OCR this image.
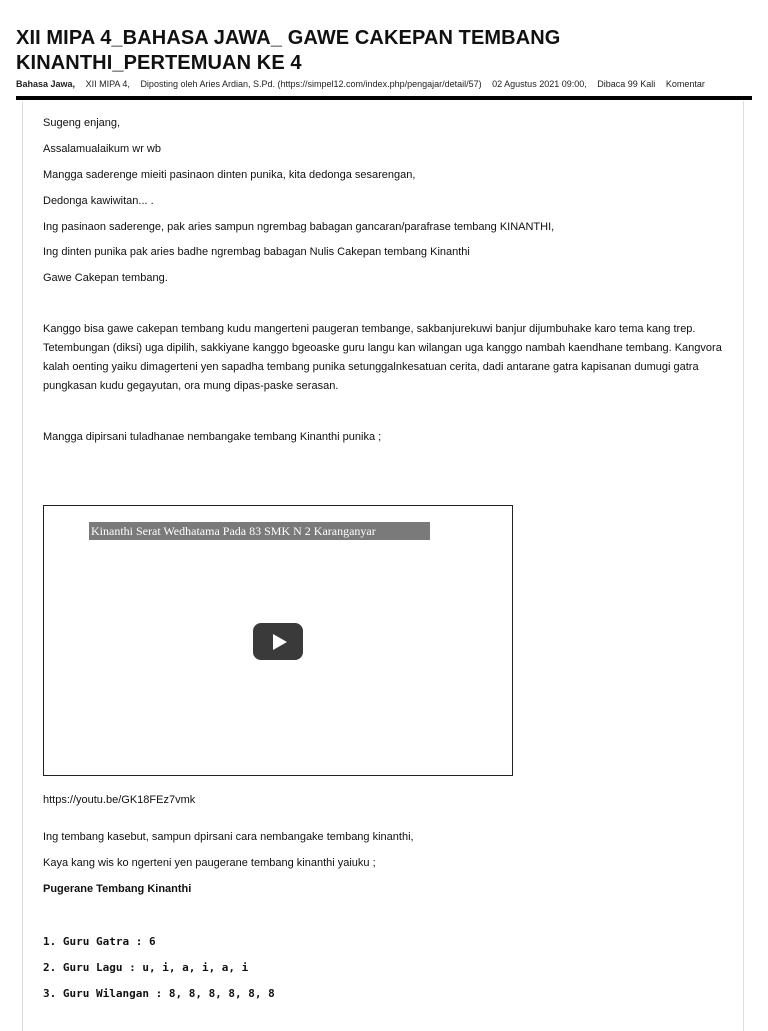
XII MIPA 4_BAHASA JAWA_ GAWE CAKEPAN TEMBANG KINANTHI_PERTEMUAN KE 4
Bahasa Jawa, XII MIPA 4, Diposting oleh Aries Ardian, S.Pd. (https://simpel12.com/index.php/pengajar/detail/57) 02 Agustus 2021 09:00, Dibaca 99 Kali Komentar

Sugeng enjang,

Assalamualaikum wr wb

Mangga saderenge mieiti pasinaon dinten punika, kita dedonga sesarengan,

Dedonga kawiwitan... .

Ing pasinaon saderenge, pak aries sampun ngrembag babagan gancaran/parafrase tembang KINANTHI,

Ing dinten punika pak aries badhe ngrembag babagan Nulis Cakepan tembang Kinanthi

Gawe Cakepan tembang.

Kanggo bisa gawe cakepan tembang kudu mangerteni paugeran tembange, sakbanjurekuwi banjur dijumbuhake karo tema kang trep. Tetembungan (diksi) uga dipilih, sakkiyane kanggo bgeoaske guru langu kan wilangan uga kanggo nambah kaendhane tembang. Kangvora kalah oenting yaiku dimagerteni yen sapadha tembang punika setunggalnkesatuan cerita, dadi antarane gatra kapisanan dumugi gatra pungkasan kudu gegayutan, ora mung dipas-paske serasan.

Mangga dipirsani tuladhanae nembangake tembang Kinanthi punika ;

Kinanthi Serat Wedhatama Pada 83 SMK N 2 Karanganyar

https://youtu.be/GK18FEz7vmk

Ing tembang kasebut, sampun dpirsani cara nembangake tembang kinanthi,

Kaya kang wis ko ngerteni yen paugerane tembang kinanthi yaiuku ;

Pugerane Tembang Kinanthi

1. Guru Gatra : 6

2. Guru Lagu : u, i, a, i, a, i

3. Guru Wilangan : 8, 8, 8, 8, 8, 8
